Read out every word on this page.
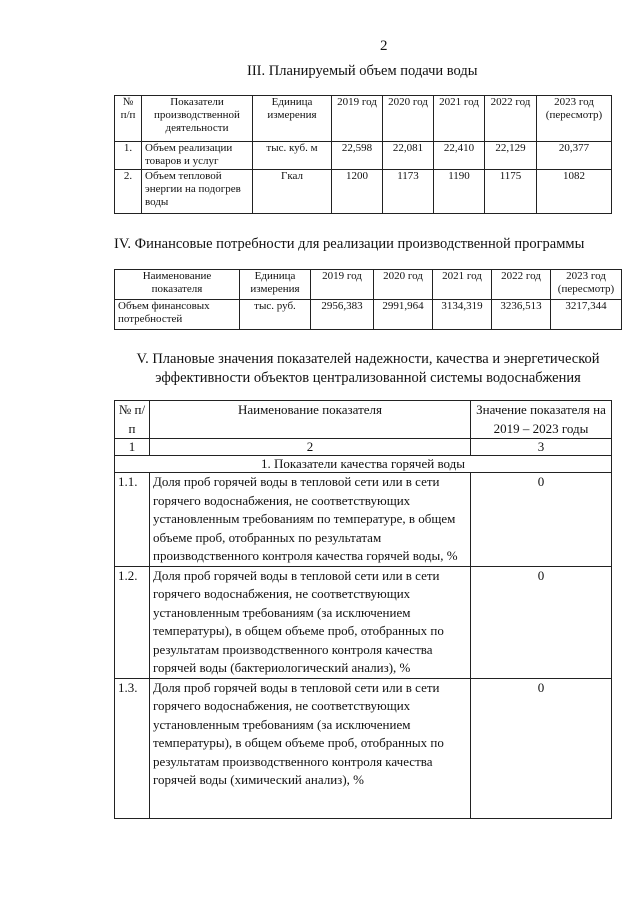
2
III. Планируемый объем подачи воды
№ п/п	Показатели производственной деятельности	Единица измерения	2019 год	2020 год	2021 год	2022 год	2023 год (пересмотр)
1.	Объем реализации товаров и услуг	тыс. куб. м	22,598	22,081	22,410	22,129	20,377
2.	Объем тепловой энергии на подогрев воды	Гкал	1200	1173	1190	1175	1082
IV. Финансовые потребности для реализации производственной программы
Наименование показателя	Единица измерения	2019 год	2020 год	2021 год	2022 год	2023 год (пересмотр)
Объем финансовых потребностей	тыс. руб.	2956,383	2991,964	3134,319	3236,513	3217,344
V. Плановые значения показателей надежности, качества и энергетической
эффективности объектов централизованной системы водоснабжения
№ п/п	Наименование показателя	Значение показателя на 2019 – 2023 годы
1	2	3
1. Показатели качества горячей воды		
1.1.	Доля проб горячей воды в тепловой сети или в сети горячего водоснабжения, не соответствующих установленным требованиям по температуре, в общем объеме проб, отобранных по результатам производственного контроля качества горячей воды, %	0
1.2.	Доля проб горячей воды в тепловой сети или в сети горячего водоснабжения, не соответствующих установленным требованиям (за исключением температуры), в общем объеме проб, отобранных по результатам производственного контроля качества горячей воды (бактериологический анализ), %	0
1.3.	Доля проб горячей воды в тепловой сети или в сети горячего водоснабжения, не соответствующих установленным требованиям (за исключением температуры), в общем объеме проб, отобранных по результатам производственного контроля качества горячей воды (химический анализ), %	0
